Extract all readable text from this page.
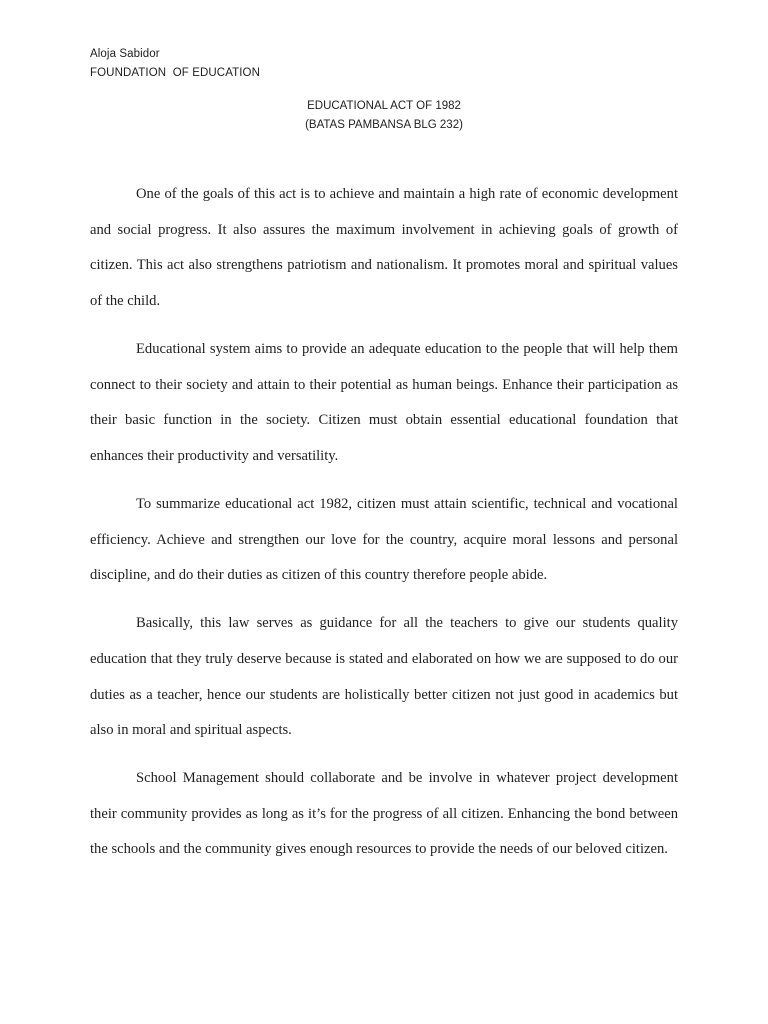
Aloja Sabidor
FOUNDATION  OF EDUCATION
EDUCATIONAL ACT OF 1982
(BATAS PAMBANSA BLG 232)

One of the goals of this act is to achieve and maintain a high rate of economic development and social progress. It also assures the maximum involvement in achieving goals of growth of citizen. This act also strengthens patriotism and nationalism. It promotes moral and spiritual values of the child.

Educational system aims to provide an adequate education to the people that will help them connect to their society and attain to their potential as human beings. Enhance their participation as their basic function in the society. Citizen must obtain essential educational foundation that enhances their productivity and versatility.

To summarize educational act 1982, citizen must attain scientific, technical and vocational efficiency. Achieve and strengthen our love for the country, acquire moral lessons and personal discipline, and do their duties as citizen of this country therefore people abide.

Basically, this law serves as guidance for all the teachers to give our students quality education that they truly deserve because is stated and elaborated on how we are supposed to do our duties as a teacher, hence our students are holistically better citizen not just good in academics but also in moral and spiritual aspects.

School Management should collaborate and be involve in whatever project development their community provides as long as it’s for the progress of all citizen. Enhancing the bond between the schools and the community gives enough resources to provide the needs of our beloved citizen.
